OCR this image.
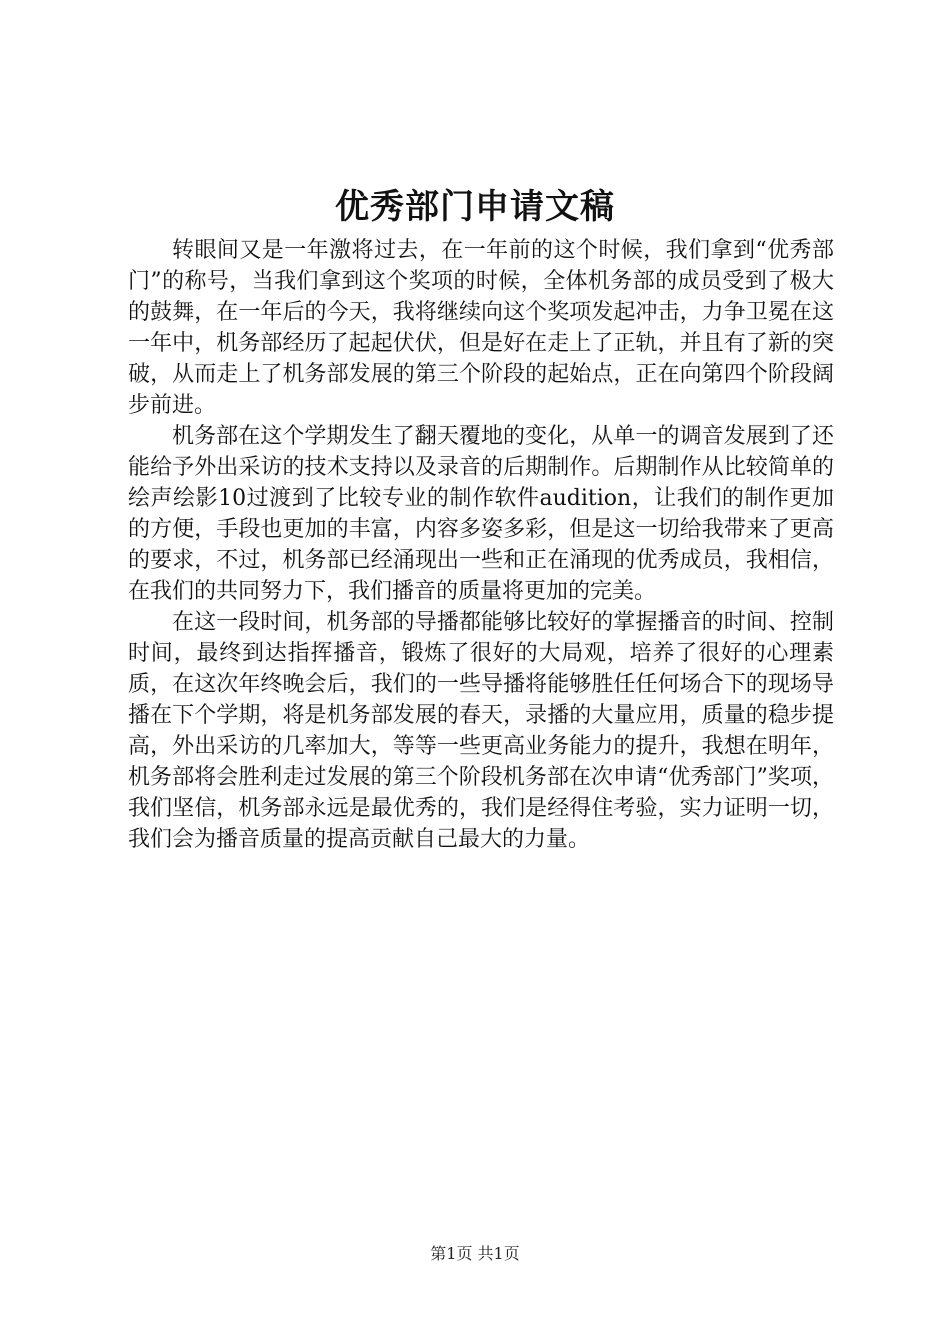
优秀部门申请文稿

转眼间又是一年激将过去，在一年前的这个时候，我们拿到“优秀部门”的称号，当我们拿到这个奖项的时候，全体机务部的成员受到了极大的鼓舞，在一年后的今天，我将继续向这个奖项发起冲击，力争卫冕在这一年中，机务部经历了起起伏伏，但是好在走上了正轨，并且有了新的突破，从而走上了机务部发展的第三个阶段的起始点，正在向第四个阶段阔步前进。

机务部在这个学期发生了翻天覆地的变化，从单一的调音发展到了还能给予外出采访的技术支持以及录音的后期制作。后期制作从比较简单的绘声绘影10过渡到了比较专业的制作软件audition，让我们的制作更加的方便，手段也更加的丰富，内容多姿多彩，但是这一切给我带来了更高的要求，不过，机务部已经涌现出一些和正在涌现的优秀成员，我相信，在我们的共同努力下，我们播音的质量将更加的完美。

在这一段时间，机务部的导播都能够比较好的掌握播音的时间、控制时间，最终到达指挥播音，锻炼了很好的大局观，培养了很好的心理素质，在这次年终晚会后，我们的一些导播将能够胜任任何场合下的现场导播在下个学期，将是机务部发展的春天，录播的大量应用，质量的稳步提高，外出采访的几率加大，等等一些更高业务能力的提升，我想在明年，机务部将会胜利走过发展的第三个阶段机务部在次申请“优秀部门”奖项，我们坚信，机务部永远是最优秀的，我们是经得住考验，实力证明一切，我们会为播音质量的提高贡献自己最大的力量。

第1页 共1页
